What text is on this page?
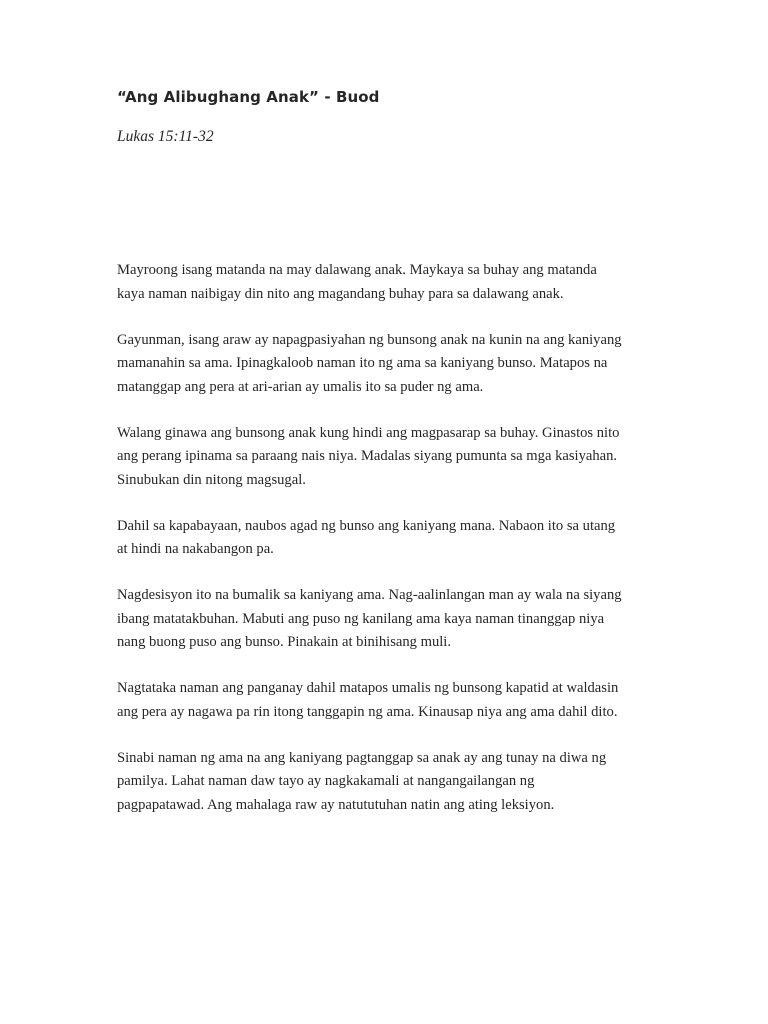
“Ang Alibughang Anak” - Buod
Lukas 15:11-32

Mayroong isang matanda na may dalawang anak. Maykaya sa buhay ang matanda
kaya naman naibigay din nito ang magandang buhay para sa dalawang anak.

Gayunman, isang araw ay napagpasiyahan ng bunsong anak na kunin na ang kaniyang
mamanahin sa ama. Ipinagkaloob naman ito ng ama sa kaniyang bunso. Matapos na
matanggap ang pera at ari-arian ay umalis ito sa puder ng ama.

Walang ginawa ang bunsong anak kung hindi ang magpasarap sa buhay. Ginastos nito
ang perang ipinama sa paraang nais niya. Madalas siyang pumunta sa mga kasiyahan.
Sinubukan din nitong magsugal.

Dahil sa kapabayaan, naubos agad ng bunso ang kaniyang mana. Nabaon ito sa utang
at hindi na nakabangon pa.

Nagdesisyon ito na bumalik sa kaniyang ama. Nag-aalinlangan man ay wala na siyang
ibang matatakbuhan. Mabuti ang puso ng kanilang ama kaya naman tinanggap niya
nang buong puso ang bunso. Pinakain at binihisang muli.

Nagtataka naman ang panganay dahil matapos umalis ng bunsong kapatid at waldasin
ang pera ay nagawa pa rin itong tanggapin ng ama. Kinausap niya ang ama dahil dito.

Sinabi naman ng ama na ang kaniyang pagtanggap sa anak ay ang tunay na diwa ng
pamilya. Lahat naman daw tayo ay nagkakamali at nangangailangan ng
pagpapatawad. Ang mahalaga raw ay natututuhan natin ang ating leksiyon.
